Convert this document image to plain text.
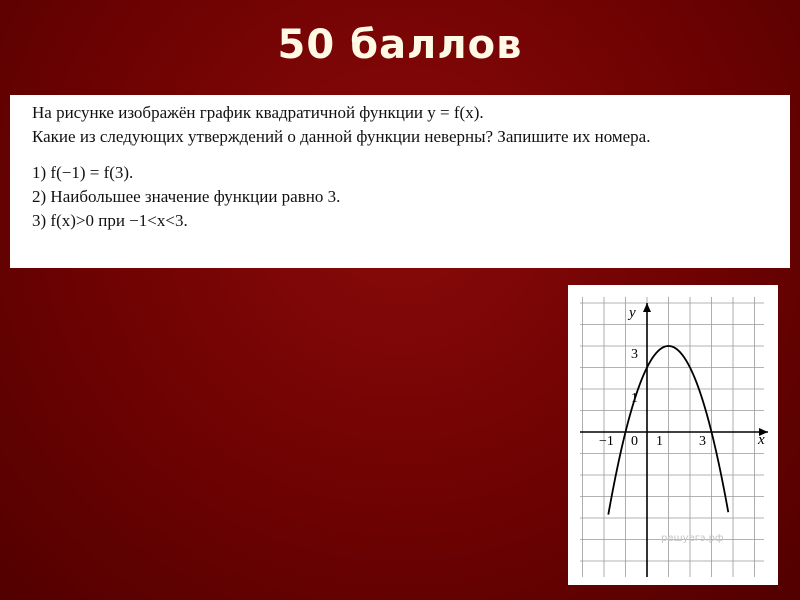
50 баллов
На рисунке изображён график квадратичной функции y = f(x).
Какие из следующих утверждений о данной функции неверны? Запишите их номера.
1) f(−1) = f(3).
2) Наибольшее значение функции равно 3.
3) f(x)>0 при −1<x<3.
y
x
3
1
−1 0 1	3
решуегэ.рф
